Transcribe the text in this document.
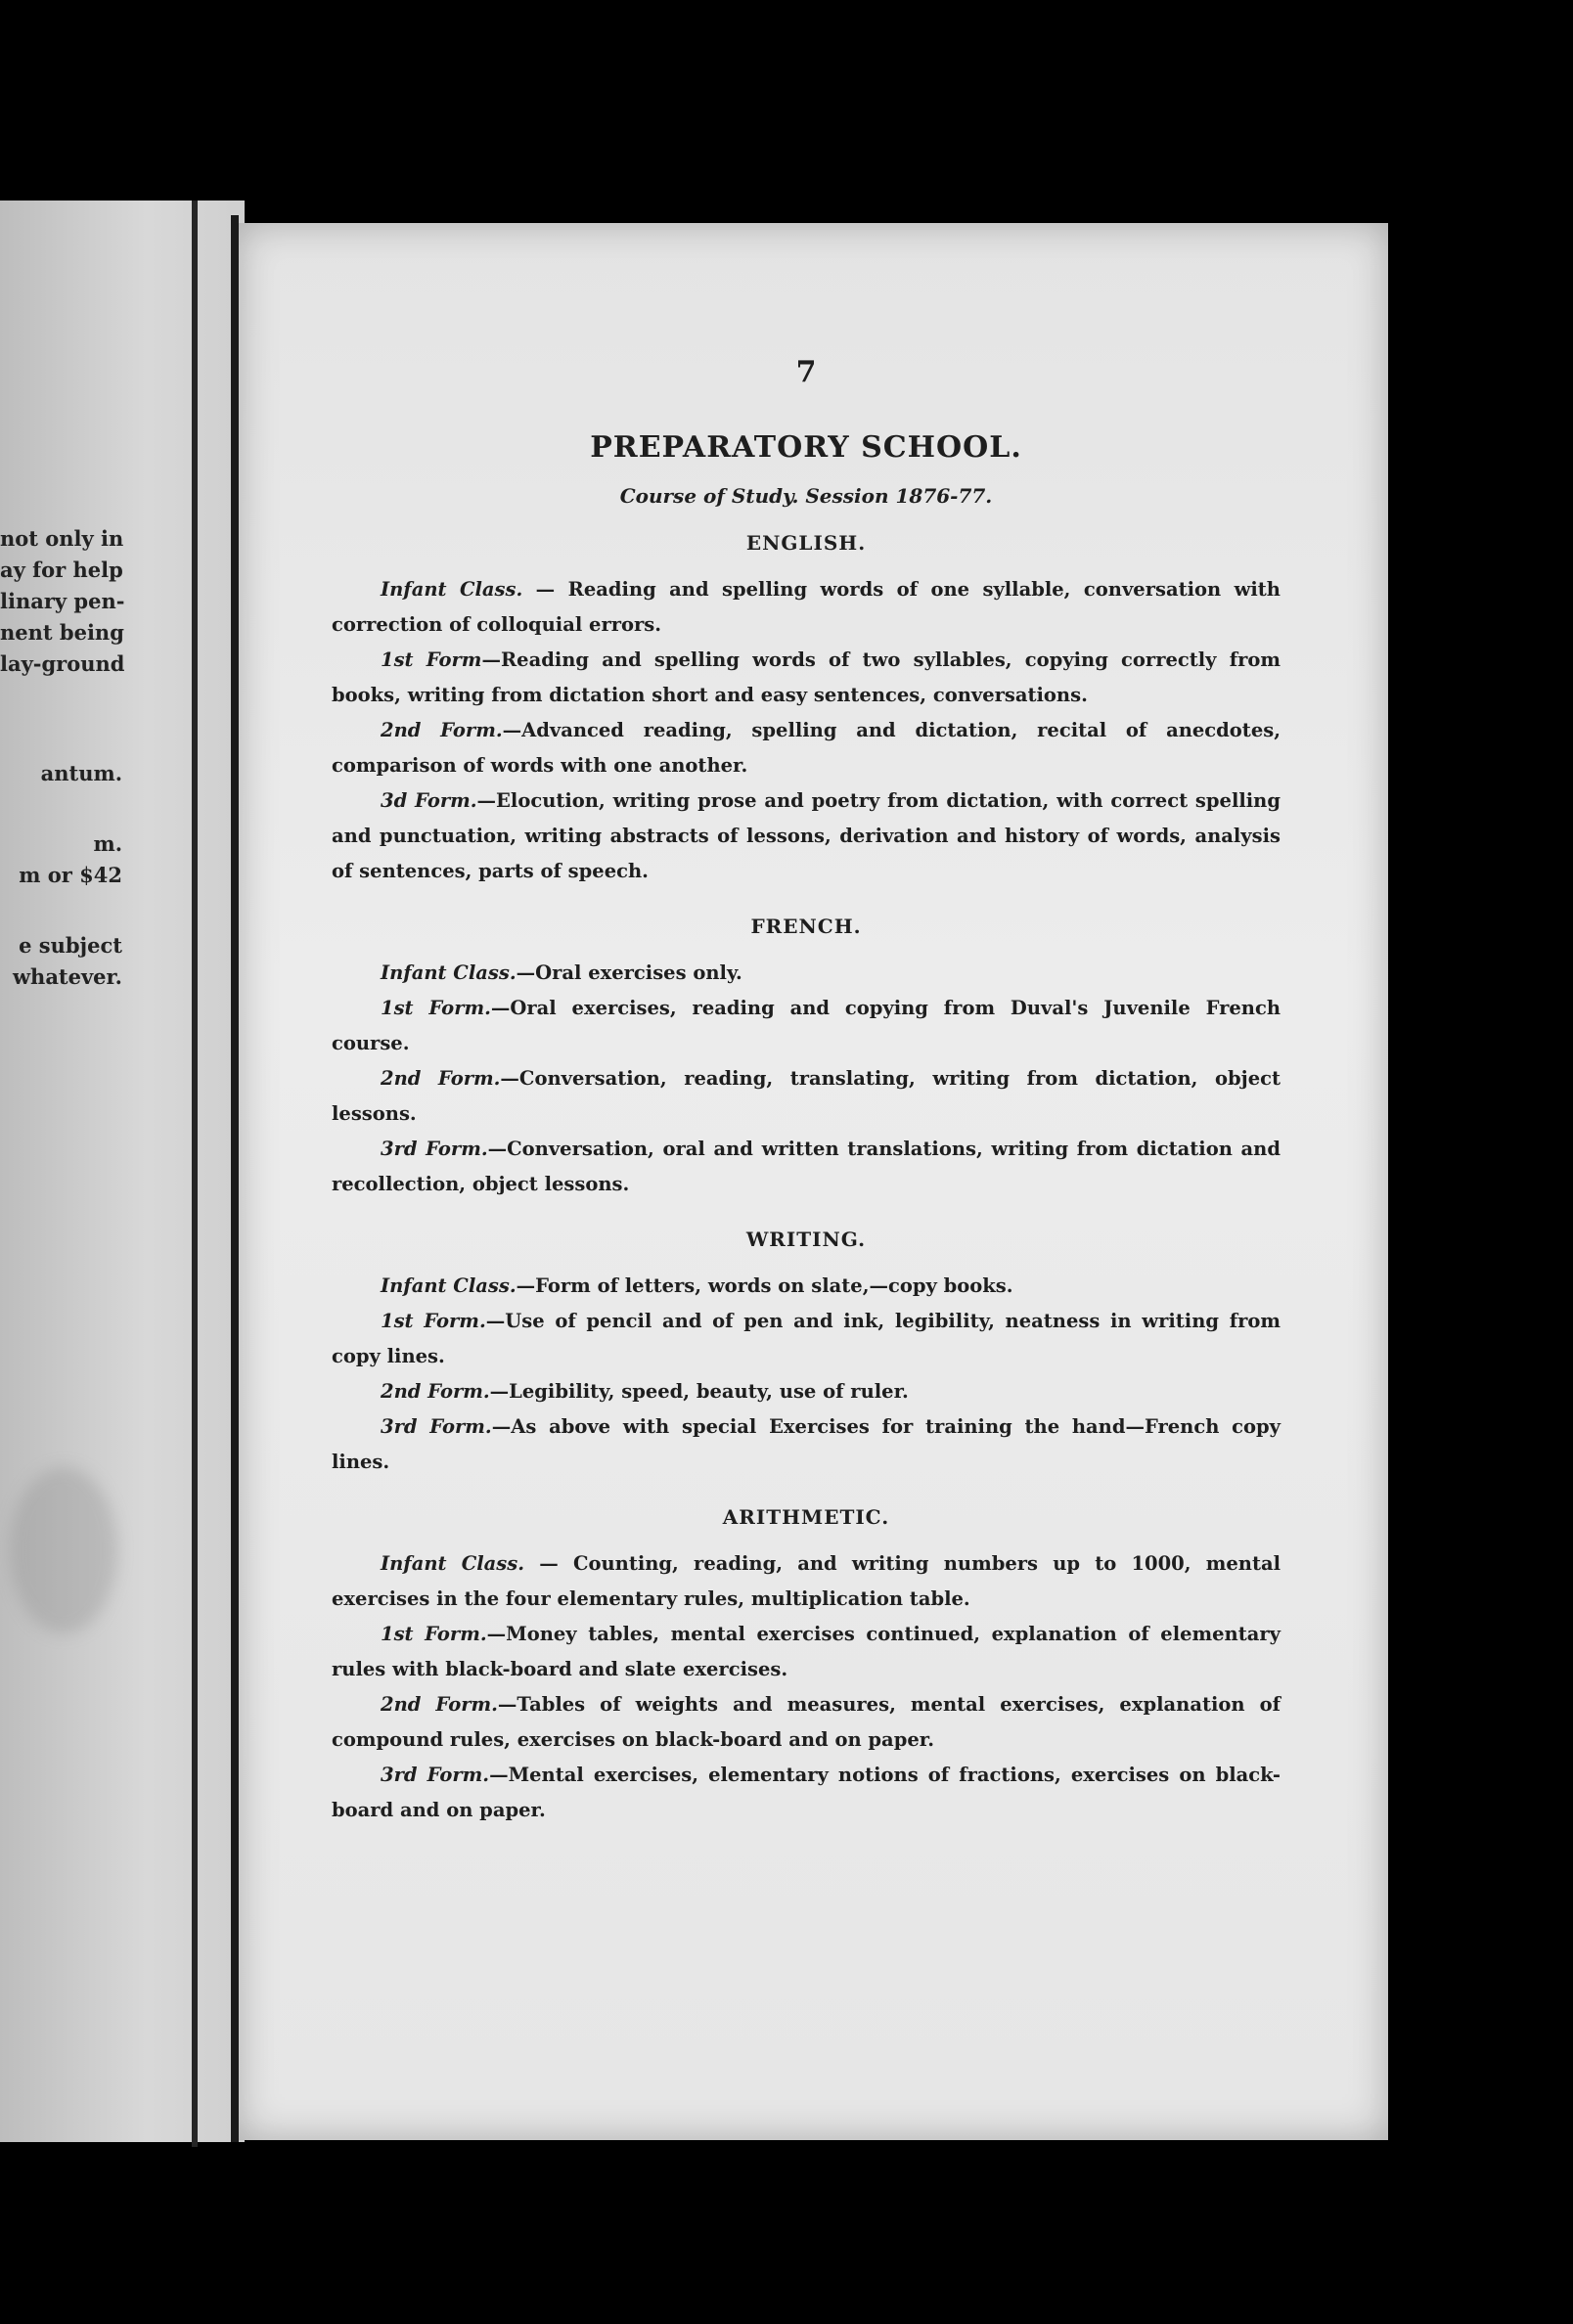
not only in
ay for help
linary pen-
nent being
lay-ground
antum.
m.
m or $42
e subject
whatever.
7
PREPARATORY SCHOOL.
Course of Study. Session 1876-77.
ENGLISH.

Infant Class. — Reading and spelling words of one syllable, conversation with correction of colloquial errors.

1st Form—Reading and spelling words of two syllables, copying correctly from books, writing from dictation short and easy sentences, conversations.

2nd Form.—Advanced reading, spelling and dictation, recital of anecdotes, comparison of words with one another.

3d Form.—Elocution, writing prose and poetry from dictation, with correct spelling and punctuation, writing abstracts of lessons, derivation and history of words, analysis of sentences, parts of speech.

FRENCH.

Infant Class.—Oral exercises only.

1st Form.—Oral exercises, reading and copying from Duval's Juvenile French course.

2nd Form.—Conversation, reading, translating, writing from dictation, object lessons.

3rd Form.—Conversation, oral and written translations, writing from dictation and recollection, object lessons.

WRITING.

Infant Class.—Form of letters, words on slate,—copy books.

1st Form.—Use of pencil and of pen and ink, legibility, neatness in writing from copy lines.

2nd Form.—Legibility, speed, beauty, use of ruler.

3rd Form.—As above with special Exercises for training the hand—French copy lines.

ARITHMETIC.

Infant Class. — Counting, reading, and writing numbers up to 1000, mental exercises in the four elementary rules, multiplication table.

1st Form.—Money tables, mental exercises continued, explanation of elementary rules with black-board and slate exercises.

2nd Form.—Tables of weights and measures, mental exercises, explanation of compound rules, exercises on black-board and on paper.

3rd Form.—Mental exercises, elementary notions of fractions, exercises on black-board and on paper.
